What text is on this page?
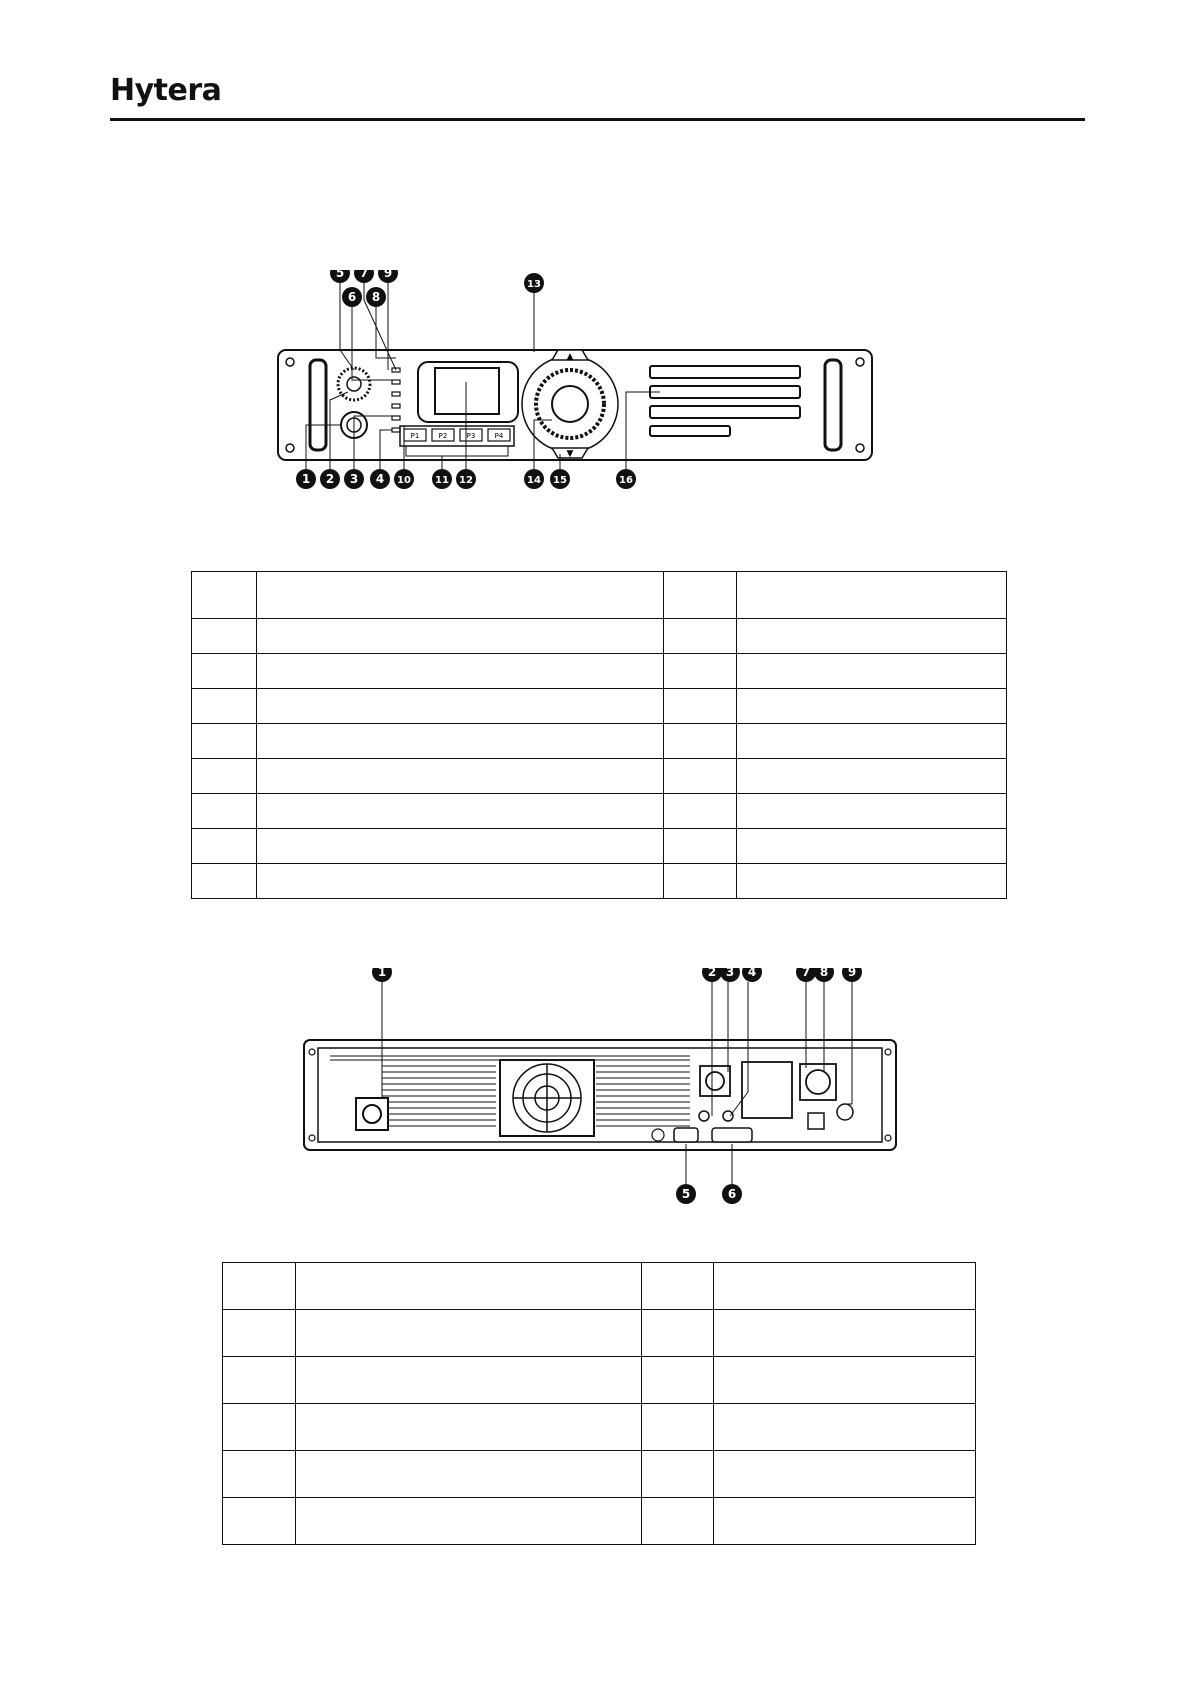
Hytera
P1	P2	P3	P4
▲
▼
5 7 9
6 8
13
1 2 3 4 10 11 12	14 15	16

1	2 3 4	7 8 9
5	6
